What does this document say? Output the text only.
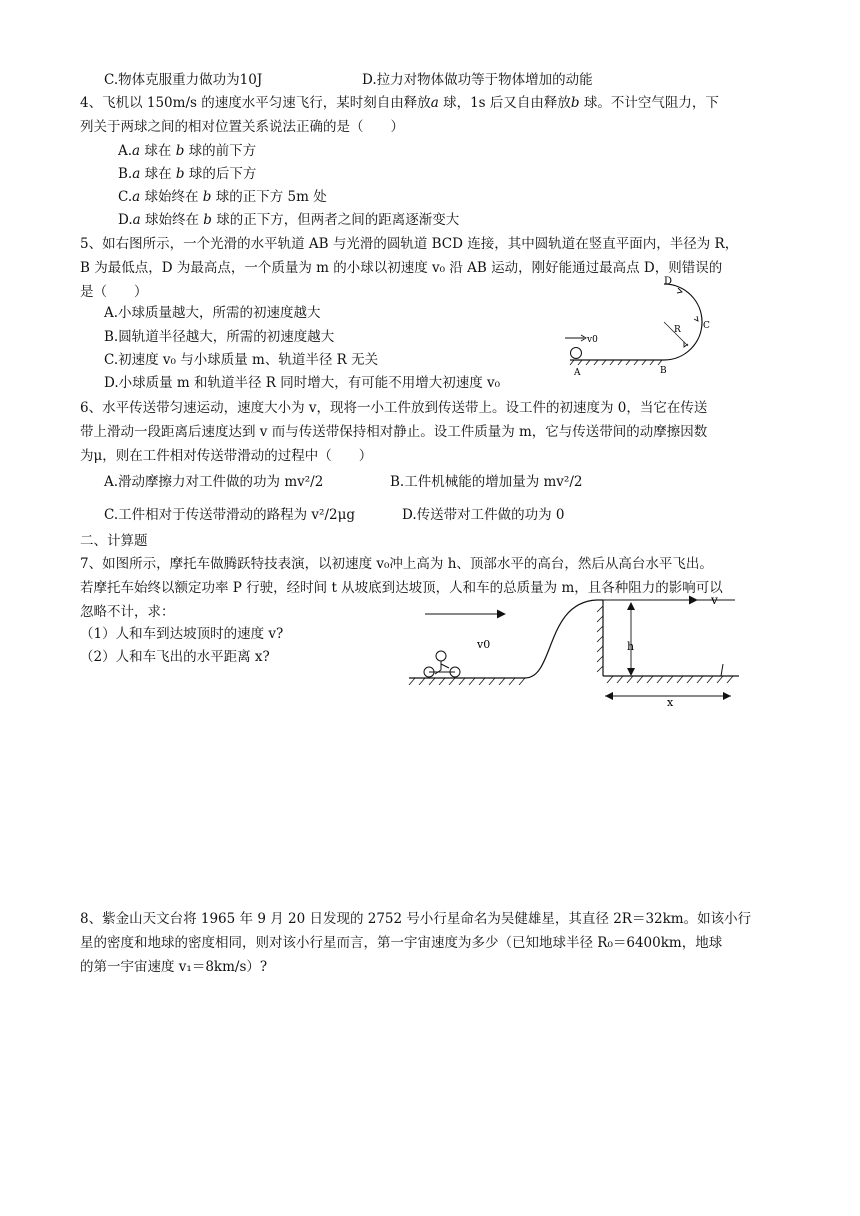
C.物体克服重力做功为10J	D.拉力对物体做功等于物体增加的动能
4、飞机以 150m/s 的速度水平匀速飞行，某时刻自由释放a 球，1s 后又自由释放b 球。不计空气阻力，下
列关于两球之间的相对位置关系说法正确的是（　　）
A.a 球在 b 球的前下方
B.a 球在 b 球的后下方
C.a 球始终在 b 球的正下方 5m 处
D.a 球始终在 b 球的正下方，但两者之间的距离逐渐变大
5、如右图所示，一个光滑的水平轨道 AB 与光滑的圆轨道 BCD 连接，其中圆轨道在竖直平面内，半径为 R，
B 为最低点，D 为最高点，一个质量为 m 的小球以初速度 v₀ 沿 AB 运动，刚好能通过最高点 D，则错误的
是（　　）
A.小球质量越大，所需的初速度越大
B.圆轨道半径越大，所需的初速度越大
C.初速度 v₀ 与小球质量 m、轨道半径 R 无关
D.小球质量 m 和轨道半径 R 同时增大，有可能不用增大初速度 v₀
v0
D
C
R
A	B
6、水平传送带匀速运动，速度大小为 v，现将一小工件放到传送带上。设工件的初速度为 0，当它在传送
带上滑动一段距离后速度达到 v 而与传送带保持相对静止。设工件质量为 m，它与传送带间的动摩擦因数
为μ，则在工件相对传送带滑动的过程中（　　）
A.滑动摩擦力对工件做的功为 mv²/2	B.工件机械能的增加量为 mv²/2
C.工件相对于传送带滑动的路程为 v²/2μg	D.传送带对工件做的功为 0
二、计算题
7、如图所示，摩托车做腾跃特技表演，以初速度 v₀冲上高为 h、顶部水平的高台，然后从高台水平飞出。
若摩托车始终以额定功率 P 行驶，经时间 t 从坡底到达坡顶，人和车的总质量为 m，且各种阻力的影响可以
忽略不计，求：
（1）人和车到达坡顶时的速度 v?
（2）人和车飞出的水平距离 x?
v0
v
h
x
8、紫金山天文台将 1965 年 9 月 20 日发现的 2752 号小行星命名为吴健雄星，其直径 2R＝32km。如该小行
星的密度和地球的密度相同，则对该小行星而言，第一宇宙速度为多少（已知地球半径 R₀＝6400km，地球
的第一宇宙速度 v₁＝8km/s）?
